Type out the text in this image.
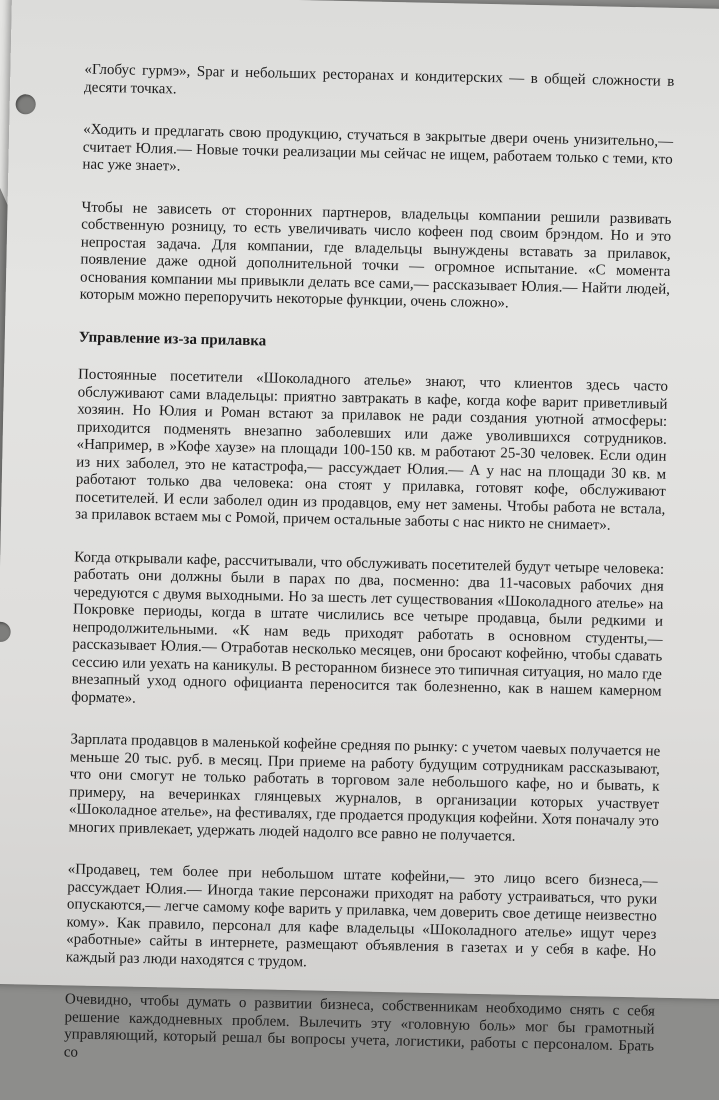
«Глобус гурмэ», Spar и небольших ресторанах и кондитерских — в общей сложности в десяти точках.

«Ходить и предлагать свою продукцию, стучаться в закрытые двери очень унизительно,— считает Юлия.— Новые точки реализации мы сейчас не ищем, работаем только с теми, кто нас уже знает».

Чтобы не зависеть от сторонних партнеров, владельцы компании решили развивать собственную розницу, то есть увеличивать число кофеен под своим брэндом. Но и это непростая задача. Для компании, где владельцы вынуждены вставать за прилавок, появление даже одной дополнительной точки — огромное испытание. «С момента основания компании мы привыкли делать все сами,— рассказывает Юлия.— Найти людей, которым можно перепоручить некоторые функции, очень сложно».

Управление из-за прилавка

Постоянные посетители «Шоколадного ателье» знают, что клиентов здесь часто обслуживают сами владельцы: приятно завтракать в кафе, когда кофе варит приветливый хозяин. Но Юлия и Роман встают за прилавок не ради создания уютной атмосферы: приходится подменять внезапно заболевших или даже уволившихся сотрудников. «Например, в »Кофе хаузе» на площади 100-150 кв. м работают 25-30 человек. Если один из них заболел, это не катастрофа,— рассуждает Юлия.— А у нас на площади 30 кв. м работают только два человека: она стоят у прилавка, готовят кофе, обслуживают посетителей. И если заболел один из продавцов, ему нет замены. Чтобы работа не встала, за прилавок встаем мы с Ромой, причем остальные заботы с нас никто не снимает».

Когда открывали кафе, рассчитывали, что обслуживать посетителей будут четыре человека: работать они должны были в парах по два, посменно: два 11-часовых рабочих дня чередуются с двумя выходными. Но за шесть лет существования «Шоколадного ателье» на Покровке периоды, когда в штате числились все четыре продавца, были редкими и непродолжительными. «К нам ведь приходят работать в основном студенты,— рассказывает Юлия.— Отработав несколько месяцев, они бросают кофейню, чтобы сдавать сессию или уехать на каникулы. В ресторанном бизнесе это типичная ситуация, но мало где внезапный уход одного официанта переносится так болезненно, как в нашем камерном формате».

Зарплата продавцов в маленькой кофейне средняя по рынку: с учетом чаевых получается не меньше 20 тыс. руб. в месяц. При приеме на работу будущим сотрудникам рассказывают, что они смогут не только работать в торговом зале небольшого кафе, но и бывать, к примеру, на вечеринках глянцевых журналов, в организации которых участвует «Шоколадное ателье», на фестивалях, где продается продукция кофейни. Хотя поначалу это многих привлекает, удержать людей надолго все равно не получается.

«Продавец, тем более при небольшом штате кофейни,— это лицо всего бизнеса,— рассуждает Юлия.— Иногда такие персонажи приходят на работу устраиваться, что руки опускаются,— легче самому кофе варить у прилавка, чем доверить свое детище неизвестно кому». Как правило, персонал для кафе владельцы «Шоколадного ателье» ищут через «работные» сайты в интернете, размещают объявления в газетах и у себя в кафе. Но каждый раз люди находятся с трудом.

Очевидно, чтобы думать о развитии бизнеса, собственникам необходимо снять с себя решение каждодневных проблем. Вылечить эту «головную боль» мог бы грамотный управляющий, который решал бы вопросы учета, логистики, работы с персоналом. Брать со
